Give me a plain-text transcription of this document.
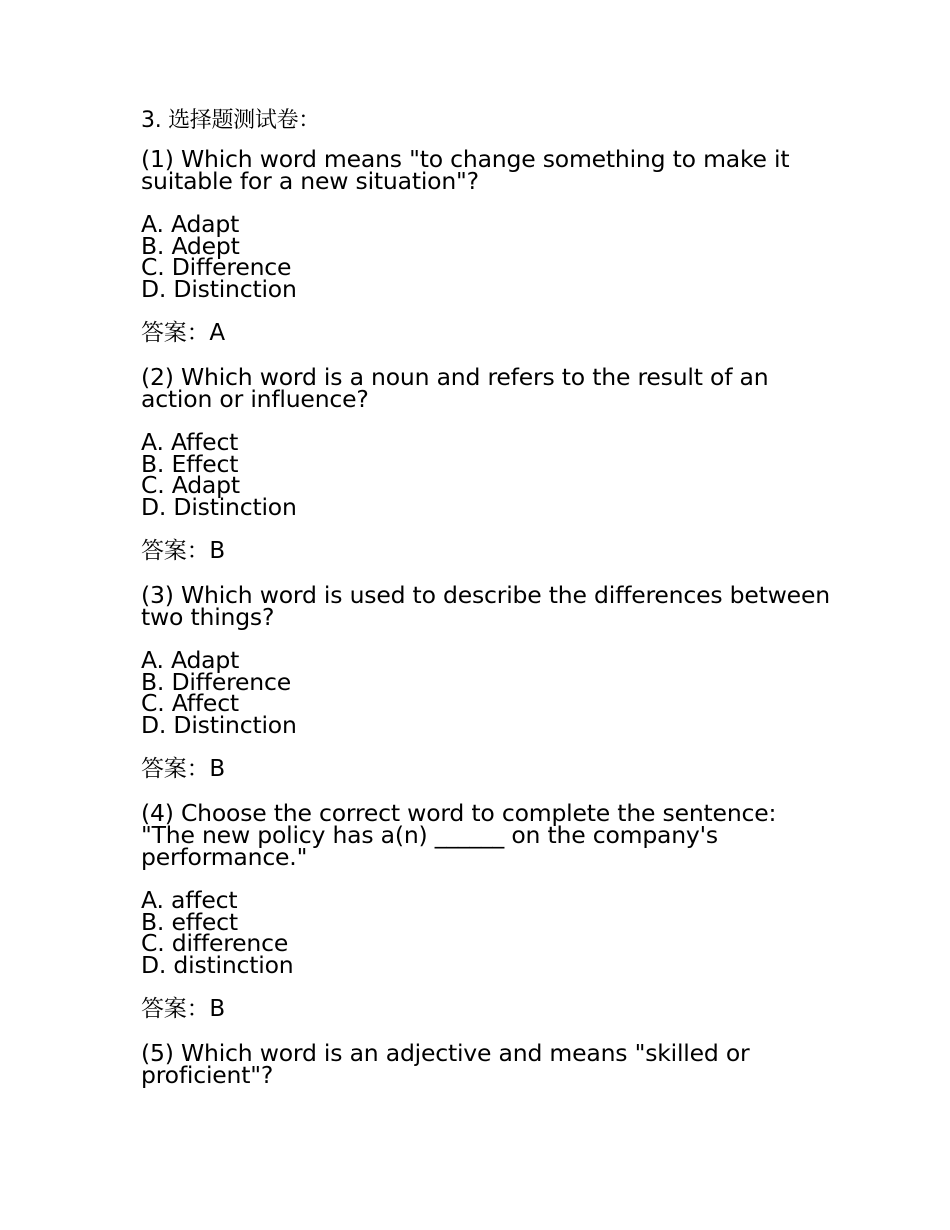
3. 选择题测试卷：
(1) Which word means "to change something to make it suitable for a new situation"?
A. Adapt
B. Adept
C. Difference
D. Distinction
答案：A
(2) Which word is a noun and refers to the result of an action or influence?
A. Affect
B. Effect
C. Adapt
D. Distinction
答案：B
(3) Which word is used to describe the differences between two things?
A. Adapt
B. Difference
C. Affect
D. Distinction
答案：B
(4) Choose the correct word to complete the sentence: "The new policy has a(n) ______ on the company's performance."
A. affect
B. effect
C. difference
D. distinction
答案：B
(5) Which word is an adjective and means "skilled or proficient"?
